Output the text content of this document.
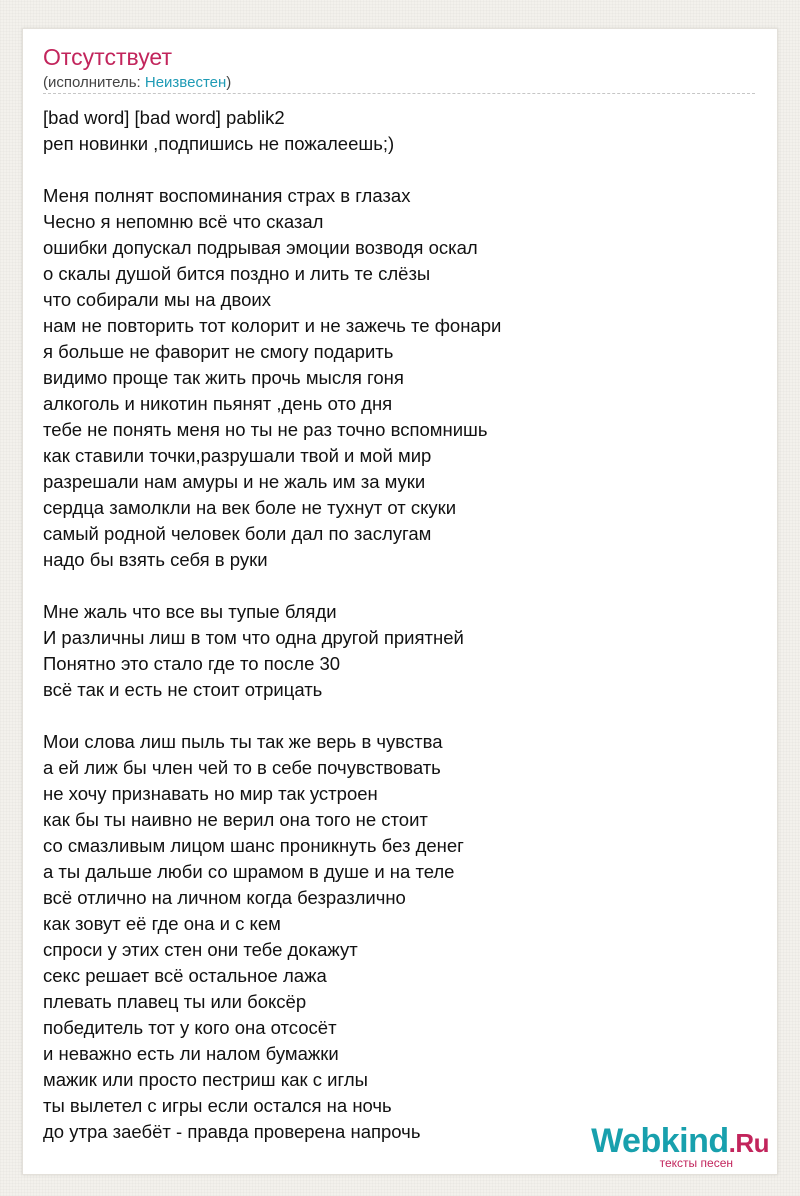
Отсутствует
(исполнитель: Неизвестен)
[bad word] [bad word] pablik2
реп новинки ,подпишись не пожалеешь;)
Меня полнят воспоминания страх в глазах
Чесно я непомню всё что сказал
ошибки допускал подрывая эмоции возводя оскал
о скалы душой бится поздно и лить те слёзы
что собирали мы на двоих
нам не повторить тот колорит и не зажечь те фонари
я больше не фаворит не смогу подарить
видимо проще так жить прочь мысля гоня
алкоголь и никотин пьянят ,день ото дня
тебе не понять меня но ты не раз точно вспомнишь
как ставили точки,разрушали твой и мой мир
разрешали нам амуры и не жаль им за муки
сердца замолкли на век боле не тухнут от скуки
самый родной человек боли дал по заслугам
надо бы взять себя в руки
Мне жаль что все вы тупые бляди
И различны лиш в том что одна другой приятней
Понятно это стало где то после 30
всё так и есть не стоит отрицать
Мои слова лиш пыль ты так же верь в чувства
а ей лиж бы член чей то в себе почувствовать
не хочу признавать но мир так устроен
как бы ты наивно не верил она того не стоит
со смазливым лицом шанс проникнуть без денег
а ты дальше люби со шрамом в душе и на теле
всё отлично на личном когда безразлично
как зовут её где она и с кем
спроси у этих стен они тебе докажут
секс решает всё остальное лажа
плевать плавец ты или боксёр
победитель тот у кого она отсосёт
и неважно есть ли налом бумажки
мажик или просто пестриш как с иглы
ты вылетел с игры если остался на ночь
до утра заебёт - правда проверена напрочь	Webkind.Ru
тексты песен
